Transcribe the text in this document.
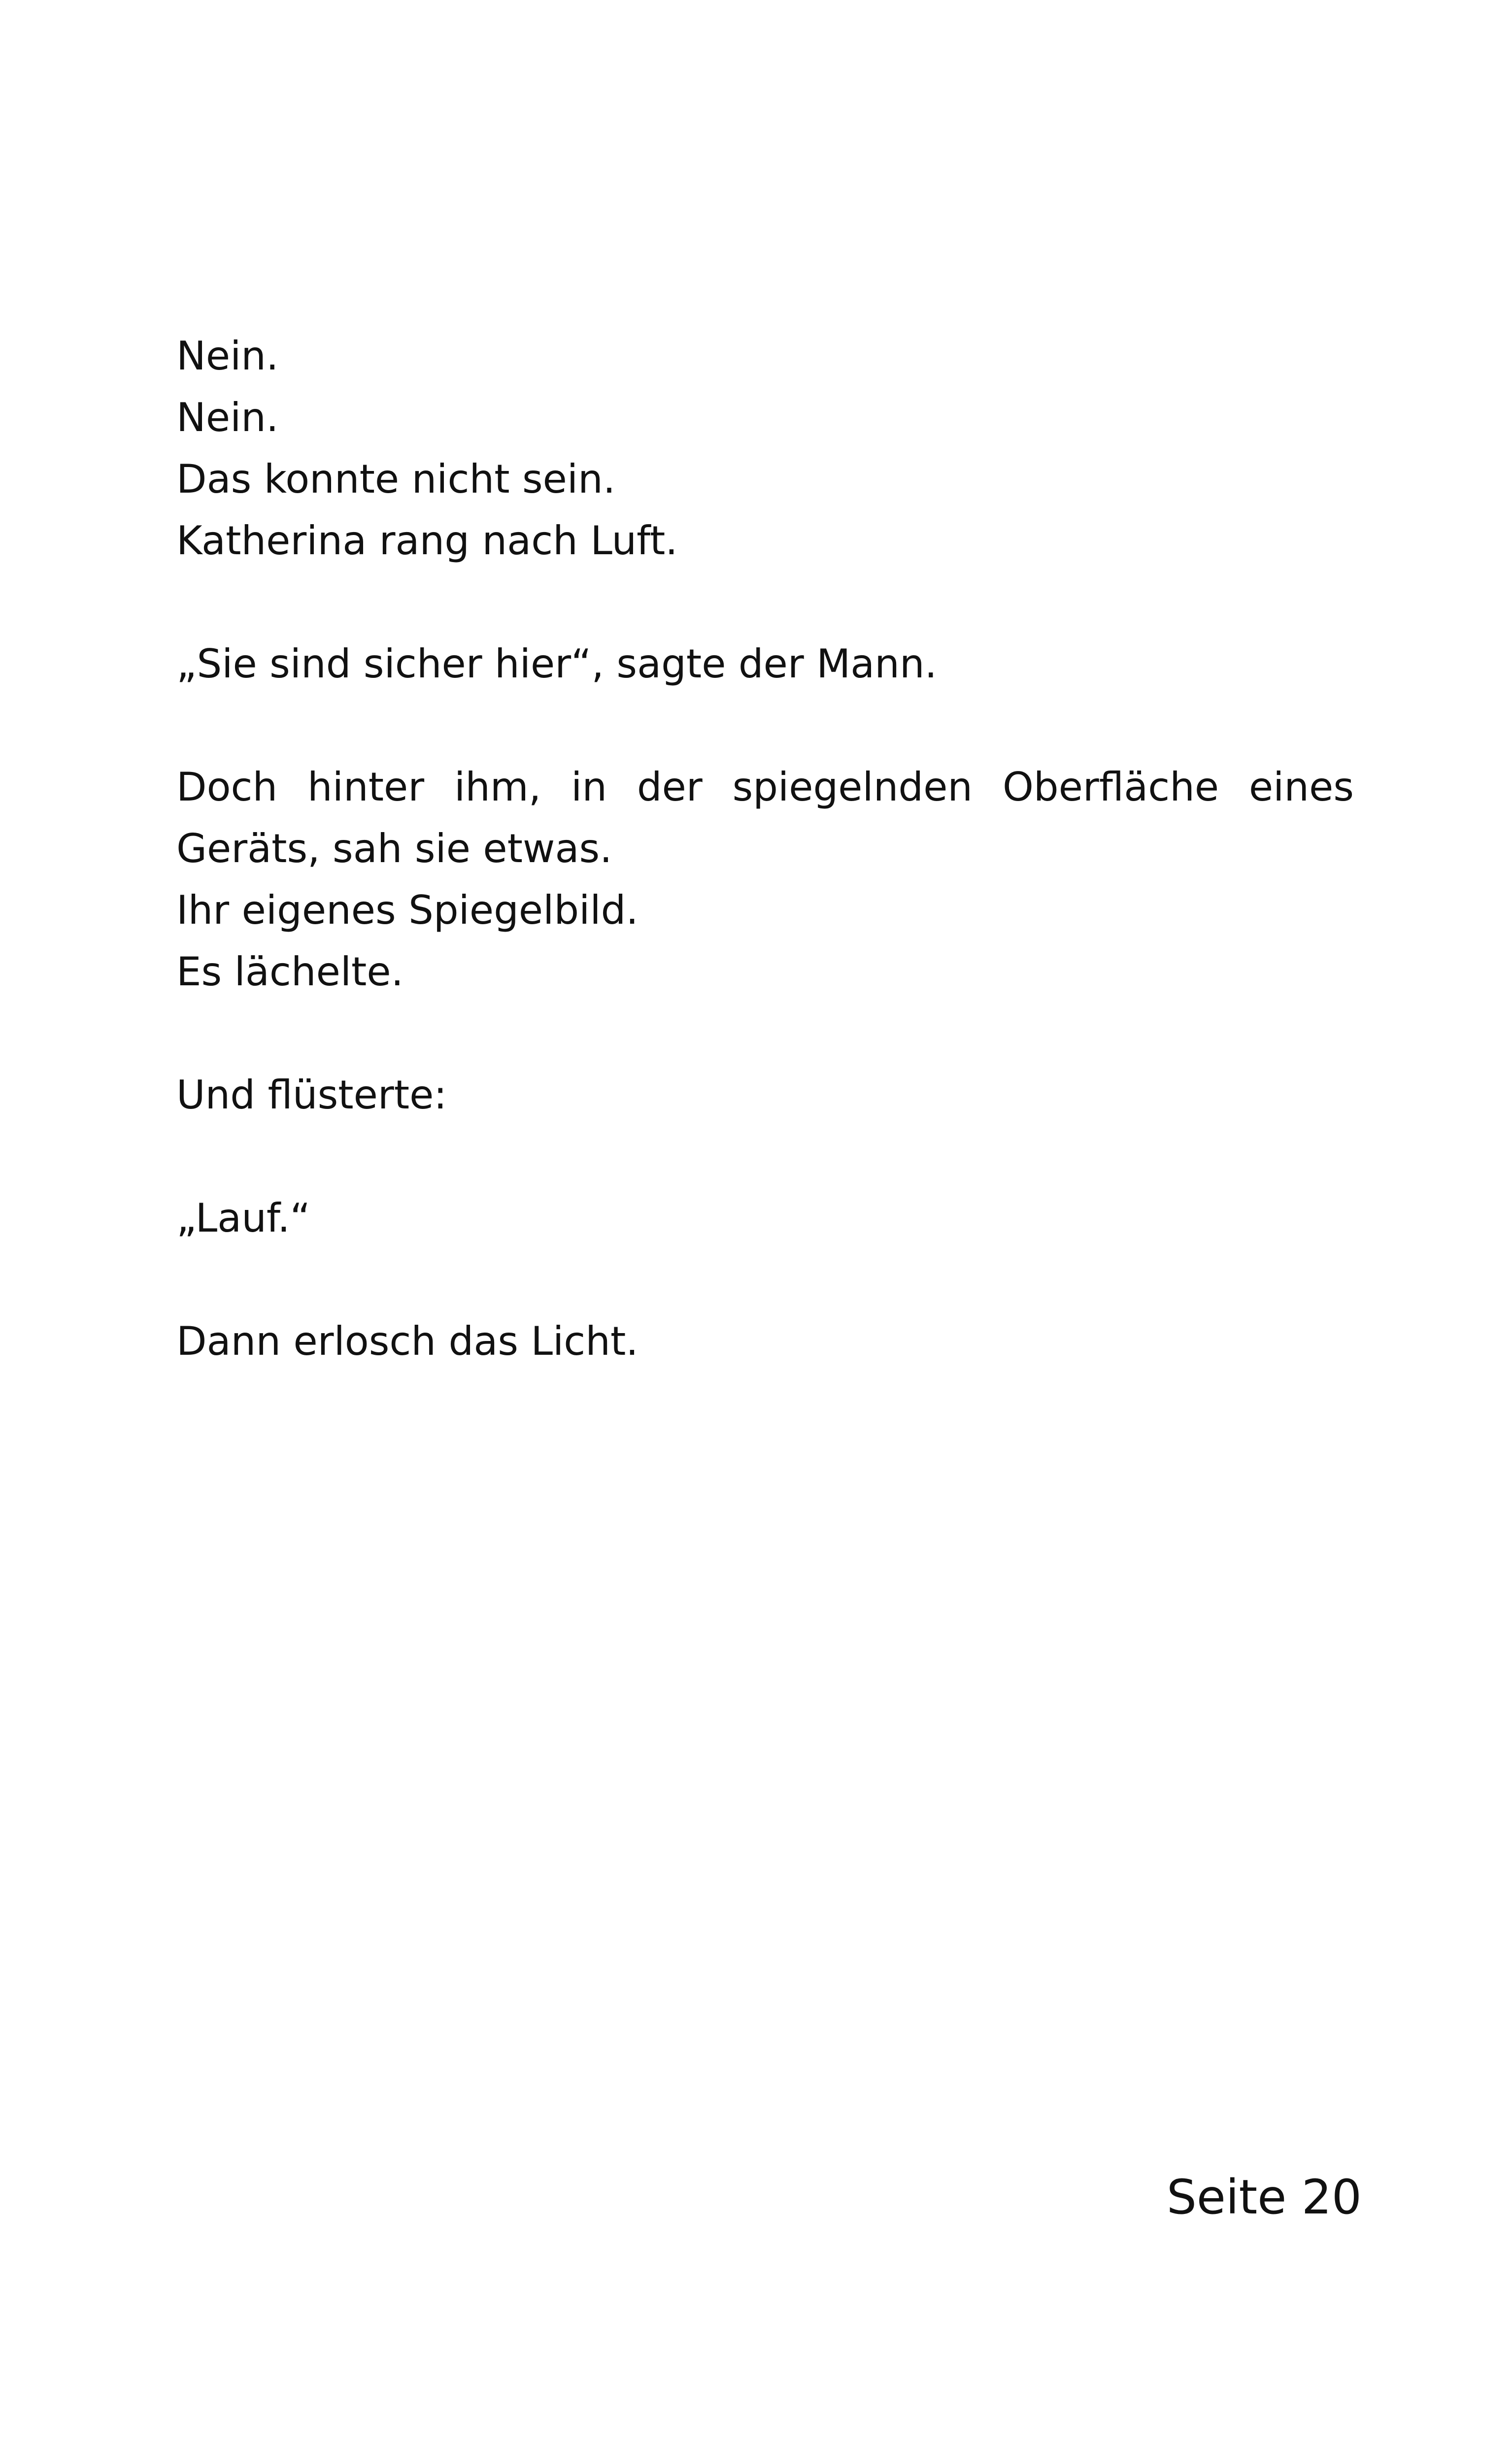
Nein.

Nein.

Das konnte nicht sein.

Katherina rang nach Luft.

„Sie sind sicher hier“, sagte der Mann.

Doch hinter ihm, in der spiegelnden Oberfläche eines Geräts, sah sie etwas.

Ihr eigenes Spiegelbild.

Es lächelte.

Und flüsterte:

„Lauf.“

Dann erlosch das Licht.

Seite 20
